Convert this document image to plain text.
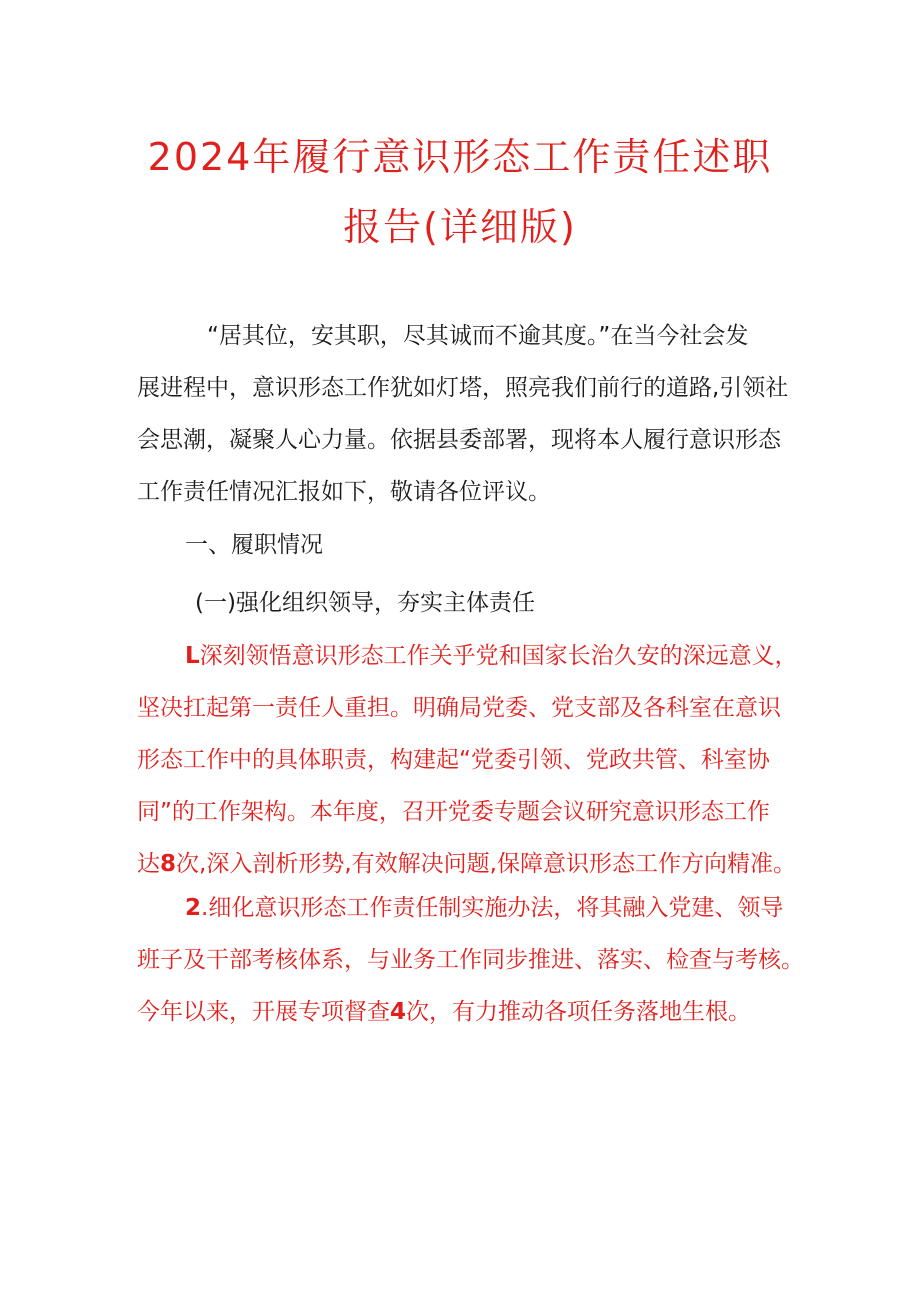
2024年履行意识形态工作责任述职
报告(详细版)
“居其位，安其职，尽其诚而不逾其度。”在当今社会发
展进程中，意识形态工作犹如灯塔，照亮我们前行的道路,引领社
会思潮，凝聚人心力量。依据县委部署，现将本人履行意识形态
工作责任情况汇报如下，敬请各位评议。
一、履职情况
(一)强化组织领导，夯实主体责任
L深刻领悟意识形态工作关乎党和国家长治久安的深远意义，
坚决扛起第一责任人重担。明确局党委、党支部及各科室在意识
形态工作中的具体职责，构建起“党委引领、党政共管、科室协
同”的工作架构。本年度，召开党委专题会议研究意识形态工作
达8次,深入剖析形势,有效解决问题,保障意识形态工作方向精准。
2.细化意识形态工作责任制实施办法，将其融入党建、领导
班子及干部考核体系，与业务工作同步推进、落实、检查与考核。
今年以来，开展专项督查4次，有力推动各项任务落地生根。
